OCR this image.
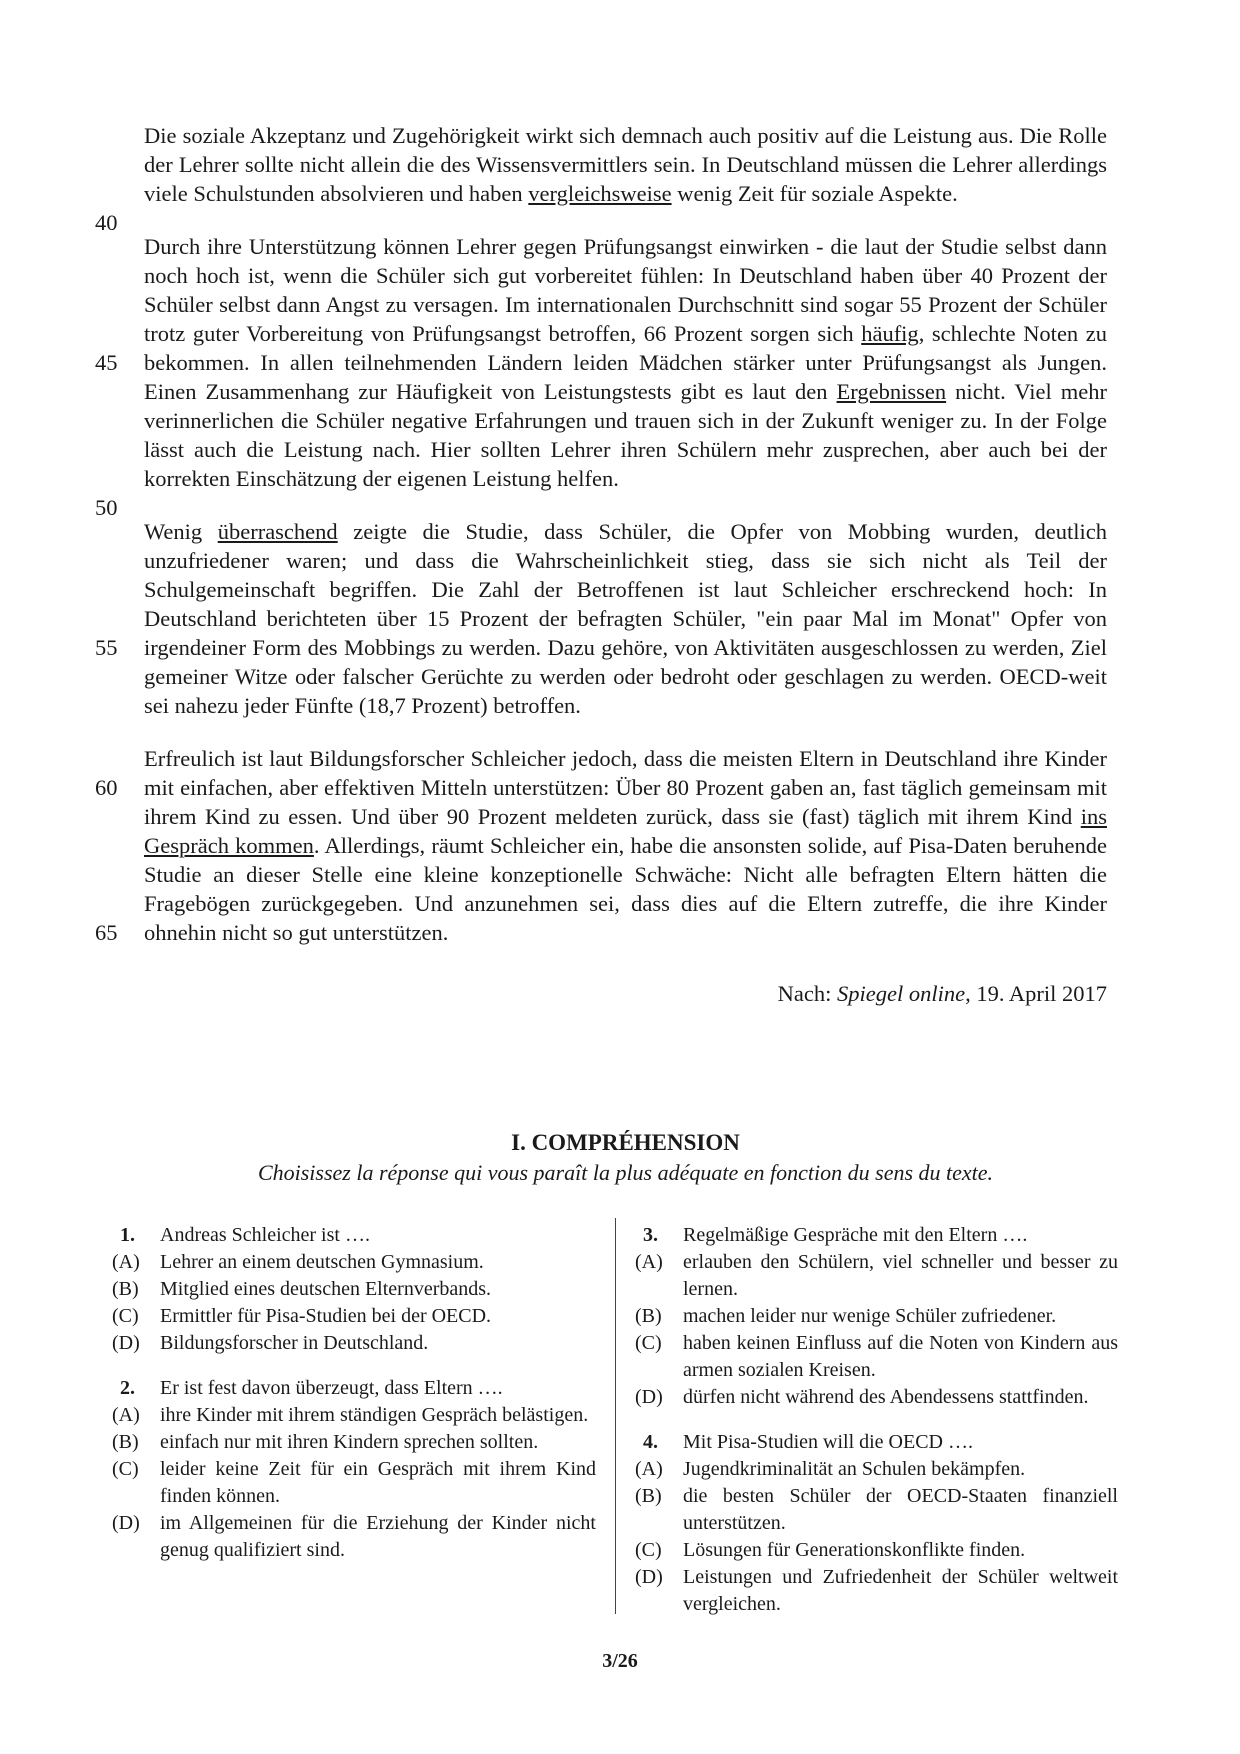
40

Die soziale Akzeptanz und Zugehörigkeit wirkt sich demnach auch positiv auf die Leistung aus. Die Rolle der Lehrer sollte nicht allein die des Wissensvermittlers sein. In Deutschland müssen die Lehrer allerdings viele Schulstunden absolvieren und haben vergleichsweise wenig Zeit für soziale Aspekte.

45
50

Durch ihre Unterstützung können Lehrer gegen Prüfungsangst einwirken - die laut der Studie selbst dann noch hoch ist, wenn die Schüler sich gut vorbereitet fühlen: In Deutschland haben über 40 Prozent der Schüler selbst dann Angst zu versagen. Im internationalen Durchschnitt sind sogar 55 Prozent der Schüler trotz guter Vorbereitung von Prüfungsangst betroffen, 66 Prozent sorgen sich häufig, schlechte Noten zu bekommen. In allen teilnehmenden Ländern leiden Mädchen stärker unter Prüfungsangst als Jungen. Einen Zusammenhang zur Häufigkeit von Leistungstests gibt es laut den Ergebnissen nicht. Viel mehr verinnerlichen die Schüler negative Erfahrungen und trauen sich in der Zukunft weniger zu. In der Folge lässt auch die Leistung nach. Hier sollten Lehrer ihren Schülern mehr zusprechen, aber auch bei der korrekten Einschätzung der eigenen Leistung helfen.

55

Wenig überraschend zeigte die Studie, dass Schüler, die Opfer von Mobbing wurden, deutlich unzufriedener waren; und dass die Wahrscheinlichkeit stieg, dass sie sich nicht als Teil der Schulgemeinschaft begriffen. Die Zahl der Betroffenen ist laut Schleicher erschreckend hoch: In Deutschland berichteten über 15 Prozent der befragten Schüler, "ein paar Mal im Monat" Opfer von irgendeiner Form des Mobbings zu werden. Dazu gehöre, von Aktivitäten ausgeschlossen zu werden, Ziel gemeiner Witze oder falscher Gerüchte zu werden oder bedroht oder geschlagen zu werden. OECD-weit sei nahezu jeder Fünfte (18,7 Prozent) betroffen.

60
65

Erfreulich ist laut Bildungsforscher Schleicher jedoch, dass die meisten Eltern in Deutschland ihre Kinder mit einfachen, aber effektiven Mitteln unterstützen: Über 80 Prozent gaben an, fast täglich gemeinsam mit ihrem Kind zu essen. Und über 90 Prozent meldeten zurück, dass sie (fast) täglich mit ihrem Kind ins Gespräch kommen. Allerdings, räumt Schleicher ein, habe die ansonsten solide, auf Pisa-Daten beruhende Studie an dieser Stelle eine kleine konzeptionelle Schwäche: Nicht alle befragten Eltern hätten die Fragebögen zurückgegeben. Und anzunehmen sei, dass dies auf die Eltern zutreffe, die ihre Kinder ohnehin nicht so gut unterstützen.

Nach: Spiegel online, 19. April 2017
I. COMPRÉHENSION
Choisissez la réponse qui vous paraît la plus adéquate en fonction du sens du texte.
1.	Andreas Schleicher ist ….
(A)	Lehrer an einem deutschen Gymnasium.
(B)	Mitglied eines deutschen Elternverbands.
(C)	Ermittler für Pisa-Studien bei der OECD.
(D)	Bildungsforscher in Deutschland.
2.	Er ist fest davon überzeugt, dass Eltern ….
(A)	ihre Kinder mit ihrem ständigen Gespräch belästigen.
(B)	einfach nur mit ihren Kindern sprechen sollten.
(C)	leider keine Zeit für ein Gespräch mit ihrem Kind finden können.
(D)	im Allgemeinen für die Erziehung der Kinder nicht genug qualifiziert sind.
3.	Regelmäßige Gespräche mit den Eltern ….
(A)	erlauben den Schülern, viel schneller und besser zu lernen.
(B)	machen leider nur wenige Schüler zufriedener.
(C)	haben keinen Einfluss auf die Noten von Kindern aus armen sozialen Kreisen.
(D)	dürfen nicht während des Abendessens stattfinden.
4.	Mit Pisa-Studien will die OECD ….
(A)	Jugendkriminalität an Schulen bekämpfen.
(B)	die besten Schüler der OECD-Staaten finanziell unterstützen.
(C)	Lösungen für Generationskonflikte finden.
(D)	Leistungen und Zufriedenheit der Schüler weltweit vergleichen.
3/26
